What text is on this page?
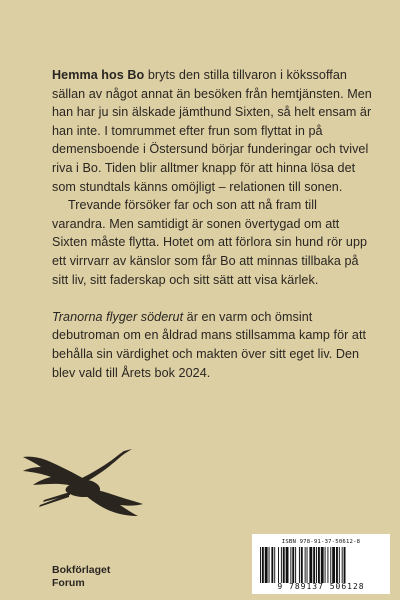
Hemma hos Bo bryts den stilla tillvaron i kökssoffan sällan av något annat än besöken från hemtjänsten. Men han har ju sin älskade jämthund Sixten, så helt ensam är han inte. I tomrummet efter frun som flyttat in på demensboende i Östersund börjar funderingar och tvivel riva i Bo. Tiden blir alltmer knapp för att hinna lösa det som stundtals känns omöjligt – relationen till sonen.

Trevande försöker far och son att nå fram till varandra. Men samtidigt är sonen övertygad om att Sixten måste flytta. Hotet om att förlora sin hund rör upp ett virrvarr av känslor som får Bo att minnas tillbaka på sitt liv, sitt faderskap och sitt sätt att visa kärlek.

Tranorna flyger söderut är en varm och ömsint debutroman om en åldrad mans stillsamma kamp för att behålla sin värdighet och makten över sitt eget liv. Den blev vald till Årets bok 2024.

Bokförlaget
Forum
ISBN 978-91-37-50612-8
9 789137 506128
